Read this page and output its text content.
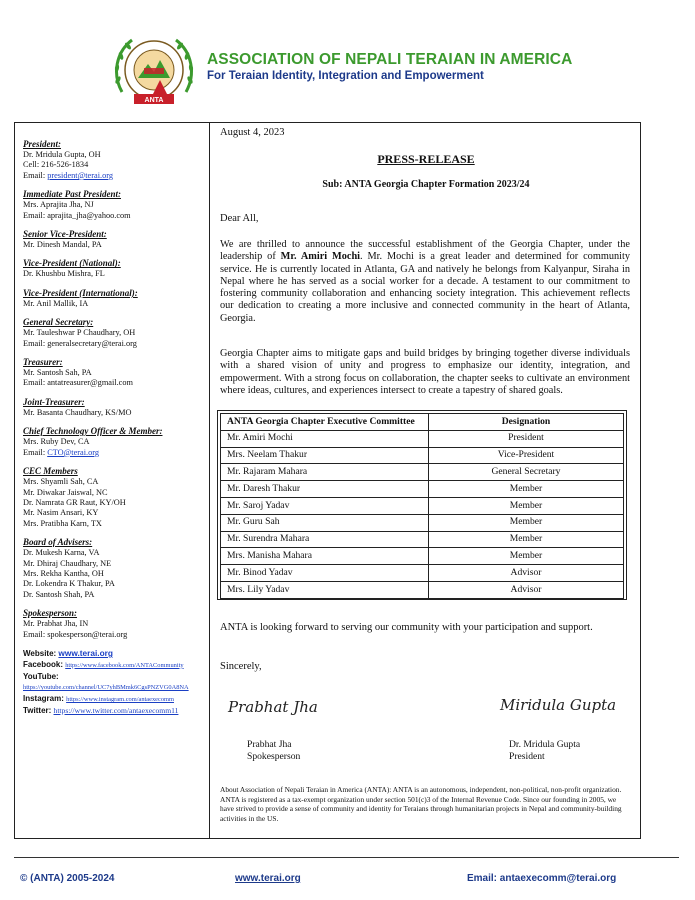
ANTA
ASSOCIATION OF NEPALI TERAIAN IN AMERICA
For Teraian Identity, Integration and Empowerment
President:
Dr. Mridula Gupta, OH
Cell: 216-526-1834
Email: president@terai.org
Immediate Past President:
Mrs. Aprajita Jha, NJ
Email: aprajita_jha@yahoo.com
Senior Vice-President:
Mr. Dinesh Mandal, PA
Vice-President (National):
Dr. Khushbu Mishra, FL
Vice-President (International):
Mr. Anil Mallik, IA
General Secretary:
Mr. Tauleshwar P Chaudhary, OH
Email: generalsecretary@terai.org
Treasurer:
Mr. Santosh Sah, PA
Email: antatreasurer@gmail.com
Joint-Treasurer:
Mr. Basanta Chaudhary, KS/MO
Chief Technology Officer & Member:
Mrs. Ruby Dev, CA
Email: CTO@terai.org
CEC Members
Mrs. Shyamli Sah, CA
Mr. Diwakar Jaiswal, NC
Dr. Namrata GR Raut, KY/OH
Mr. Nasim Ansari, KY
Mrs. Pratibha Karn, TX
Board of Advisers:
Dr. Mukesh Karna, VA
Mr. Dhiraj Chaudhary, NE
Mrs. Rekha Kantha, OH
Dr. Lokendra K Thakur, PA
Dr. Santosh Shah, PA
Spokesperson:
Mr. Prabhat Jha, IN
Email: spokesperson@terai.org
Website: www.terai.org
Facebook: https://www.facebook.com/ANTACommunity
YouTube:
https://youtube.com/channel/UC7yhBMmk6CgsPNZVG0A8NA
Instagram: https://www.instagram.com/antaexecomm
Twitter: https://www.twitter.com/antaexecomm11
August 4, 2023
PRESS-RELEASE
Sub: ANTA Georgia Chapter Formation 2023/24
Dear All,
We are thrilled to announce the successful establishment of the Georgia Chapter, under the leadership of Mr. Amiri Mochi. Mr. Mochi is a great leader and determined for community service. He is currently located in Atlanta, GA and natively he belongs from Kalyanpur, Siraha in Nepal where he has served as a social worker for a decade. A testament to our commitment to fostering community collaboration and enhancing society integration. This achievement reflects our dedication to creating a more inclusive and connected community in the heart of Atlanta, Georgia.
Georgia Chapter aims to mitigate gaps and build bridges by bringing together diverse individuals with a shared vision of unity and progress to emphasize our identity, integration, and empowerment. With a strong focus on collaboration, the chapter seeks to cultivate an environment where ideas, cultures, and experiences intersect to create a tapestry of shared goals.
ANTA Georgia Chapter Executive Committee	Designation
Mr. Amiri Mochi	President
Mrs. Neelam Thakur	Vice-President
Mr. Rajaram Mahara	General Secretary
Mr. Daresh Thakur	Member
Mr. Saroj Yadav	Member
Mr. Guru Sah	Member
Mr. Surendra Mahara	Member
Mrs. Manisha Mahara	Member
Mr. Binod Yadav	Advisor
Mrs. Lily Yadav	Advisor
ANTA is looking forward to serving our community with your participation and support.
Sincerely,
Prabhat Jha	Miridula Gupta
Prabhat Jha
Spokesperson
Dr. Mridula Gupta
President
About Association of Nepali Teraian in America (ANTA): ANTA is an autonomous, independent, non-political, non-profit organization. ANTA is registered as a tax-exempt organization under section 501(c)3 of the Internal Revenue Code. Since our founding in 2005, we have strived to provide a sense of community and identity for Teraians through humanitarian projects in Nepal and community-building activities in the US.
© (ANTA) 2005-2024	www.terai.org	Email: antaexecomm@terai.org
